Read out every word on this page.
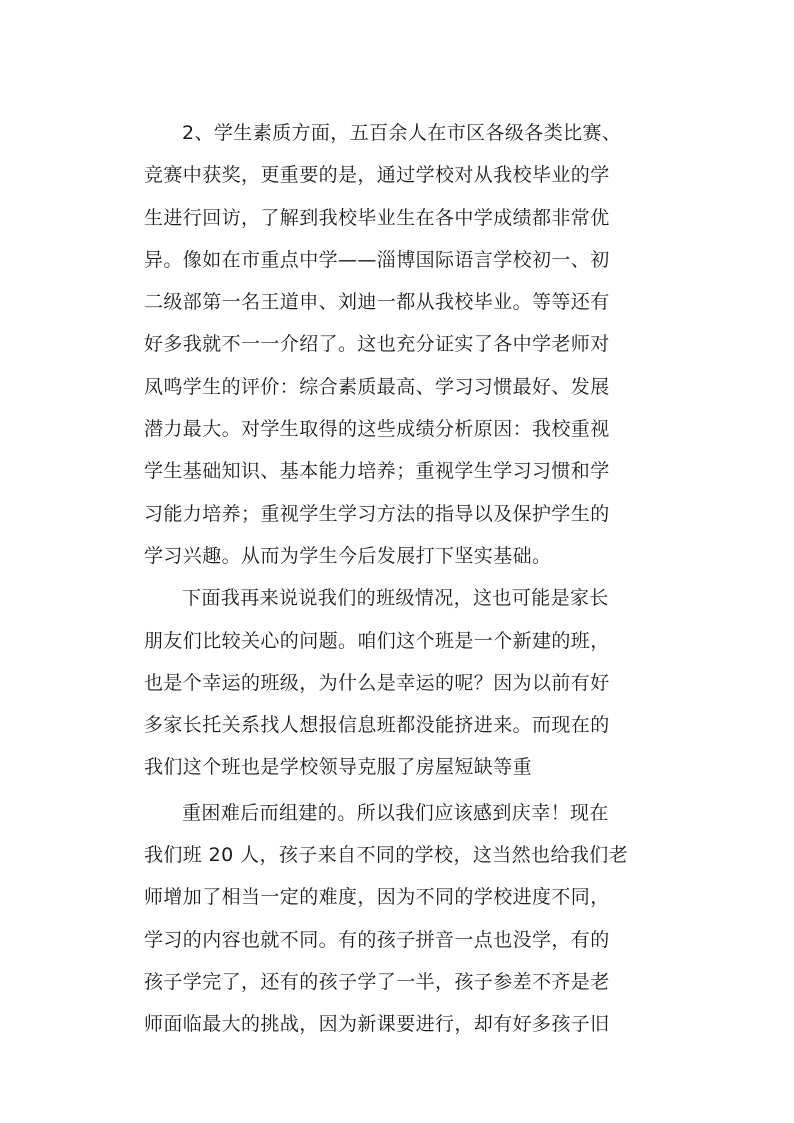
2、学生素质方面，五百余人在市区各级各类比赛、
竞赛中获奖，更重要的是，通过学校对从我校毕业的学
生进行回访，了解到我校毕业生在各中学成绩都非常优
异。像如在市重点中学——淄博国际语言学校初一、初
二级部第一名王道申、刘迪一都从我校毕业。等等还有
好多我就不一一介绍了。这也充分证实了各中学老师对
凤鸣学生的评价：综合素质最高、学习习惯最好、发展
潜力最大。对学生取得的这些成绩分析原因：我校重视
学生基础知识、基本能力培养；重视学生学习习惯和学
习能力培养；重视学生学习方法的指导以及保护学生的
学习兴趣。从而为学生今后发展打下坚实基础。
下面我再来说说我们的班级情况，这也可能是家长
朋友们比较关心的问题。咱们这个班是一个新建的班，
也是个幸运的班级，为什么是幸运的呢？因为以前有好
多家长托关系找人想报信息班都没能挤进来。而现在的
我们这个班也是学校领导克服了房屋短缺等重
重困难后而组建的。所以我们应该感到庆幸！现在
我们班 20 人，孩子来自不同的学校，这当然也给我们老
师增加了相当一定的难度，因为不同的学校进度不同，
学习的内容也就不同。有的孩子拼音一点也没学，有的
孩子学完了，还有的孩子学了一半，孩子参差不齐是老
师面临最大的挑战，因为新课要进行，却有好多孩子旧
